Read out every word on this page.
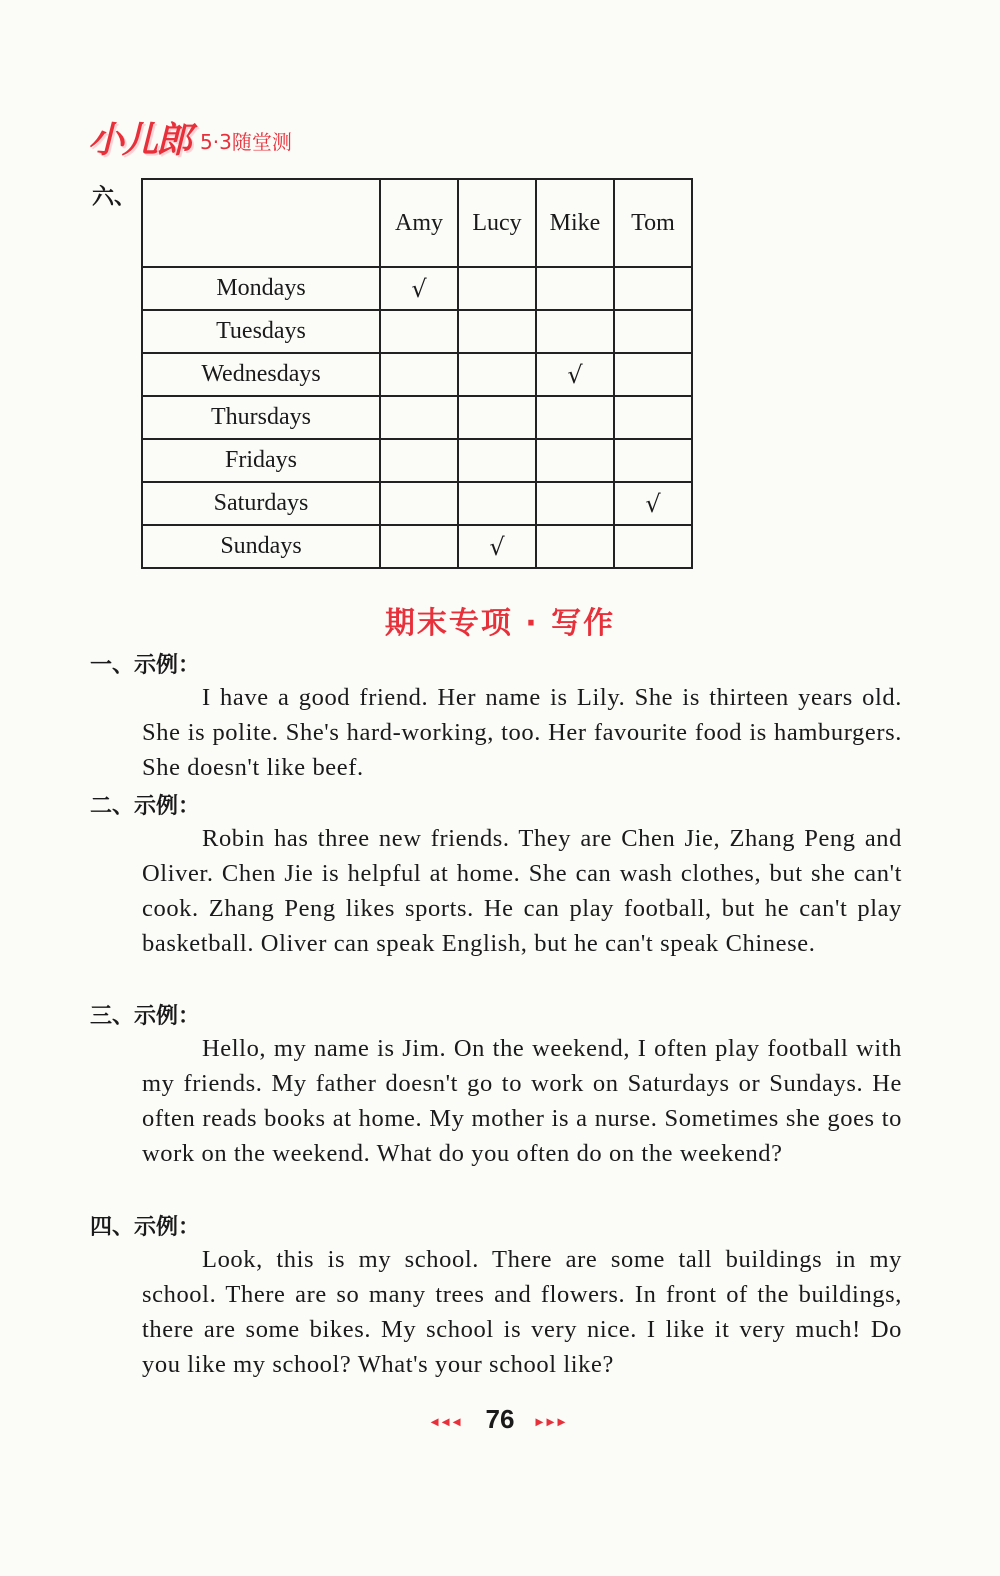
小儿郎 5·3随堂测
六、
	Amy	Lucy	Mike	Tom
Mondays	√			
Tuesdays				
Wednesdays			√	
Thursdays				
Fridays				
Saturdays				√
Sundays		√		
期末专项 · 写作
一、示例：
I have a good friend. Her name is Lily. She is thirteen years old. She is polite. She's hard-working, too. Her favourite food is hamburgers. She doesn't like beef.
二、示例：
Robin has three new friends. They are Chen Jie, Zhang Peng and Oliver. Chen Jie is helpful at home. She can wash clothes, but she can't cook. Zhang Peng likes sports. He can play football, but he can't play basketball. Oliver can speak English, but he can't speak Chinese.
三、示例：
Hello, my name is Jim. On the weekend, I often play football with my friends. My father doesn't go to work on Saturdays or Sundays. He often reads books at home. My mother is a nurse. Sometimes she goes to work on the weekend. What do you often do on the weekend?
四、示例：
Look, this is my school. There are some tall buildings in my school. There are so many trees and flowers. In front of the buildings, there are some bikes. My school is very nice. I like it very much! Do you like my school? What's your school like?
◂◂◂ 76 ▸▸▸
